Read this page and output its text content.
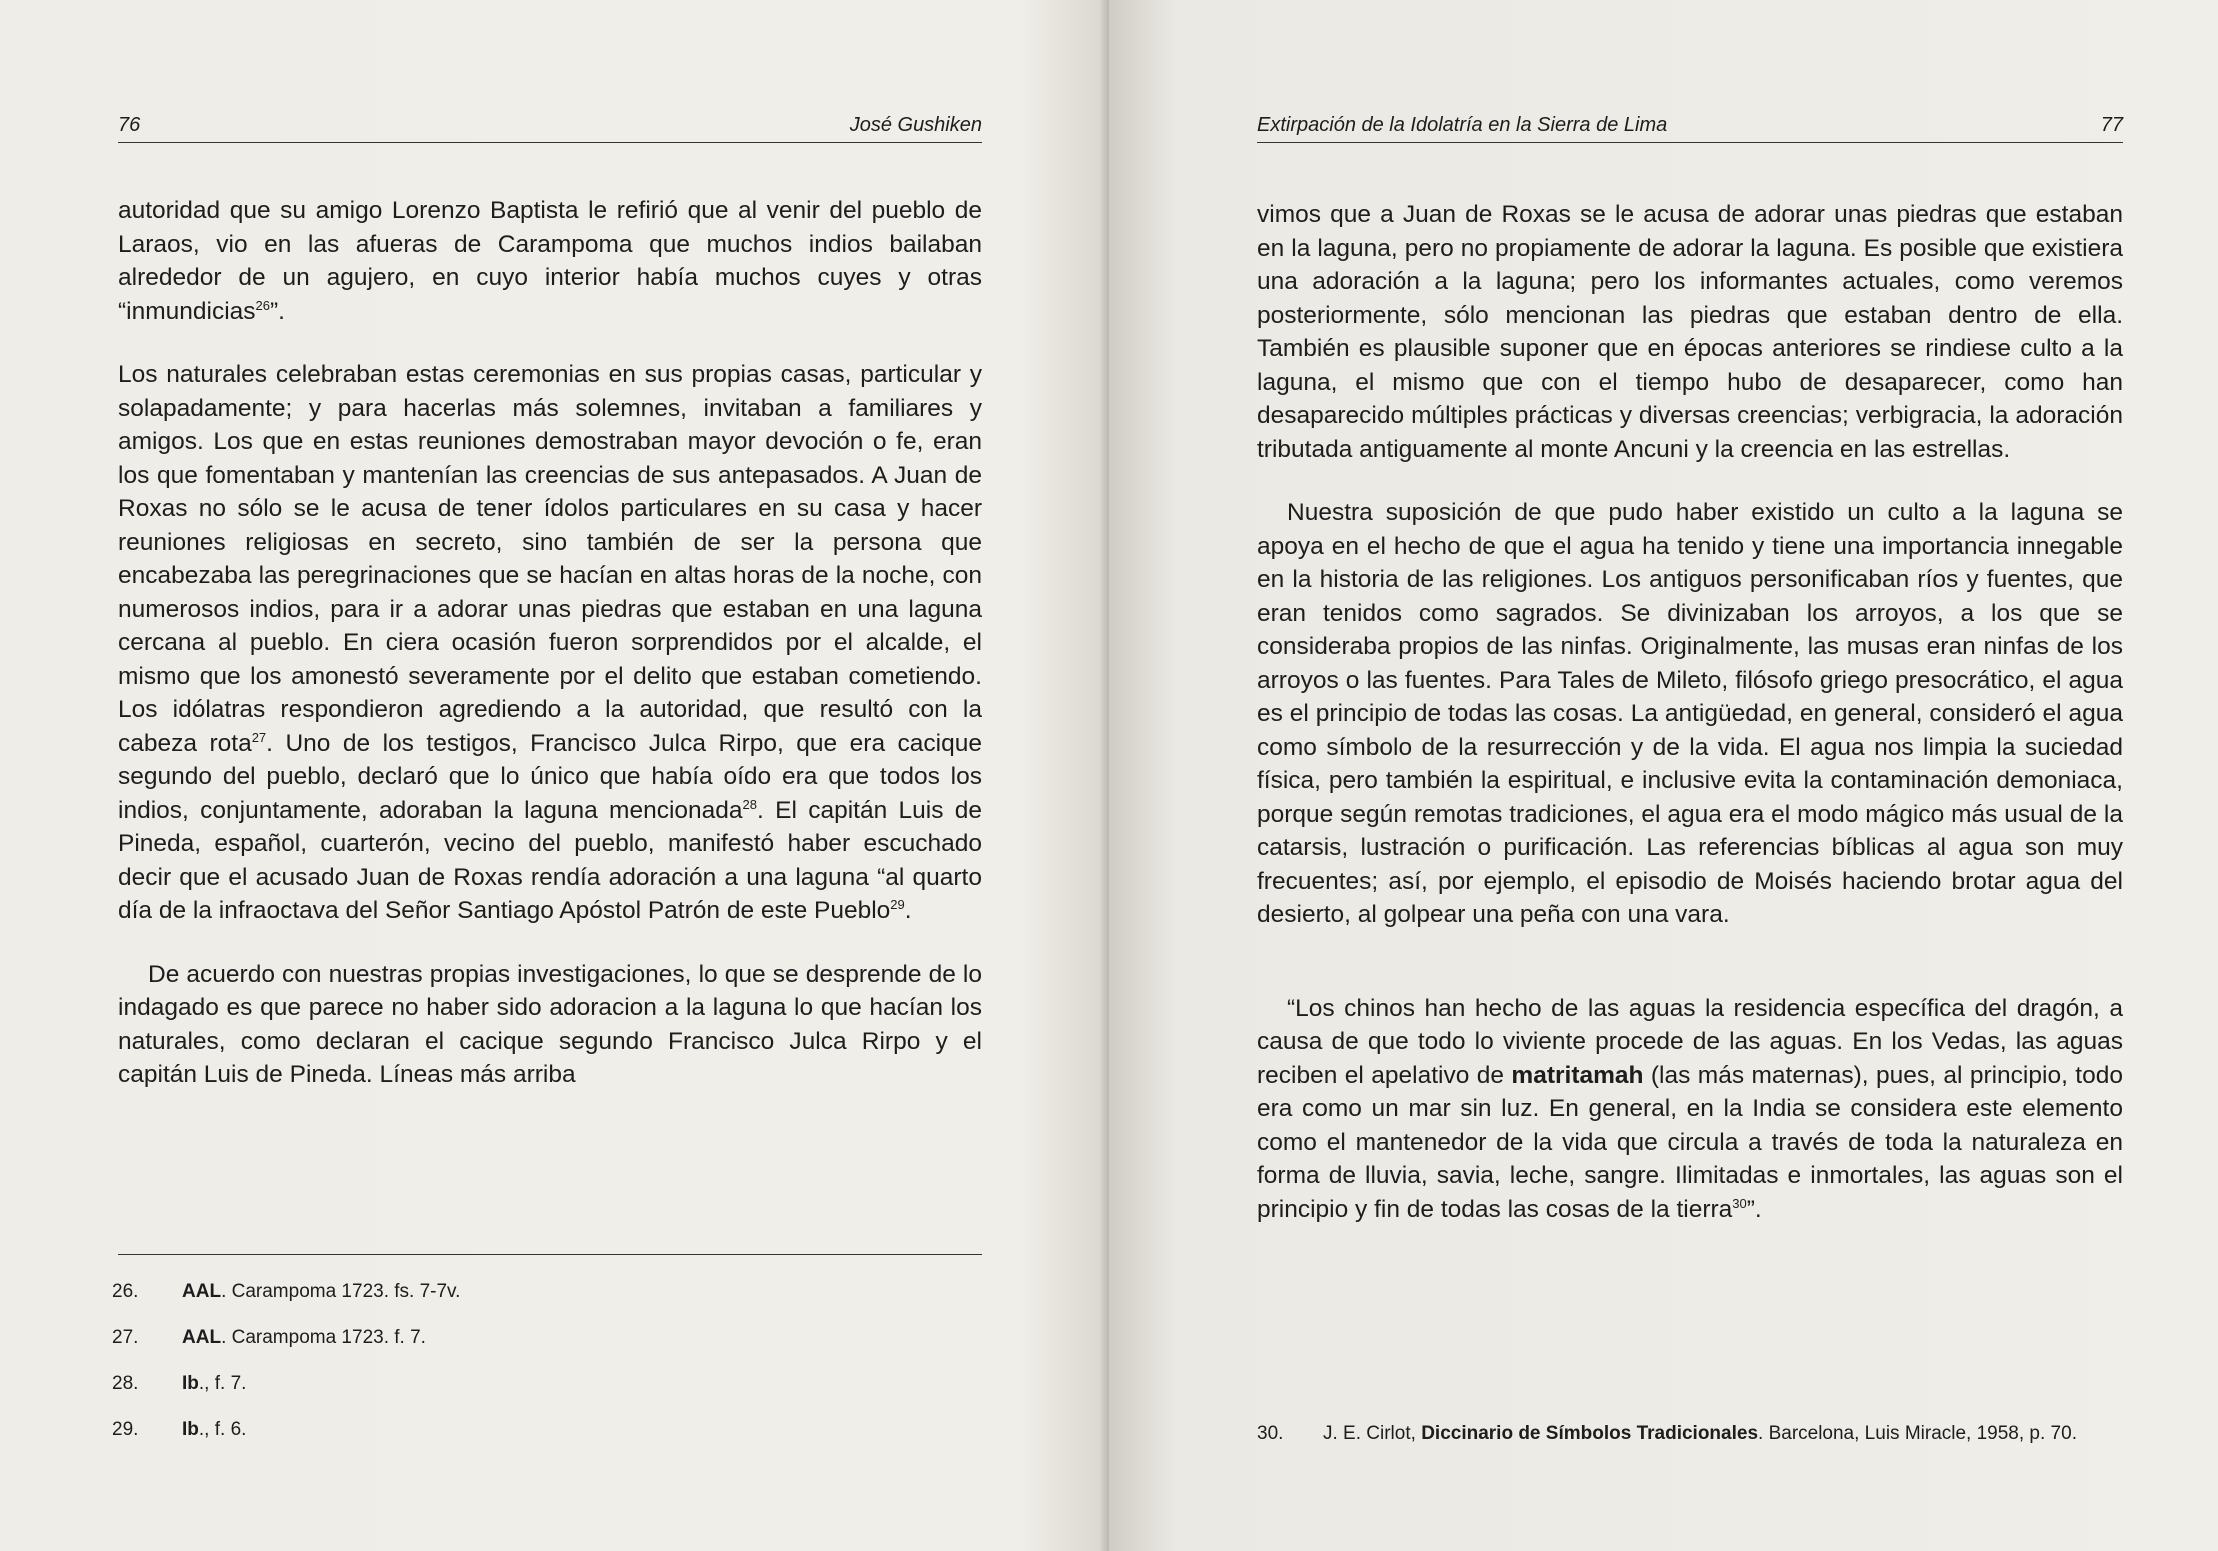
76	José Gushiken

autoridad que su amigo Lorenzo Baptista le refirió que al venir del pueblo de Laraos, vio en las afueras de Carampoma que muchos indios bailaban alrededor de un agujero, en cuyo interior había muchos cuyes y otras “inmundicias$^{26}$”.

Los naturales celebraban estas ceremonias en sus propias casas, particular y solapadamente; y para hacerlas más solemnes, invitaban a familiares y amigos. Los que en estas reuniones demostraban mayor devoción o fe, eran los que fomentaban y mantenían las creencias de sus antepasados. A Juan de Roxas no sólo se le acusa de tener ídolos particulares en su casa y hacer reuniones religiosas en secreto, sino también de ser la persona que encabezaba las peregrinaciones que se hacían en altas horas de la noche, con numerosos indios, para ir a adorar unas piedras que estaban en una laguna cercana al pueblo. En ciera ocasión fueron sorprendidos por el alcalde, el mismo que los amonestó severamente por el delito que estaban cometiendo. Los idólatras respondieron agrediendo a la autoridad, que resultó con la cabeza rota$^{27}$. Uno de los testigos, Francisco Julca Rirpo, que era cacique segundo del pueblo, declaró que lo único que había oído era que todos los indios, conjuntamente, adoraban la laguna mencionada$^{28}$. El capitán Luis de Pineda, español, cuarterón, vecino del pueblo, manifestó haber escuchado decir que el acusado Juan de Roxas rendía adoración a una laguna “al quarto día de la infraoctava del Señor Santiago Apóstol Patrón de este Pueblo$^{29}$.

De acuerdo con nuestras propias investigaciones, lo que se desprende de lo indagado es que parece no haber sido adoracion a la laguna lo que hacían los naturales, como declaran el cacique segundo Francisco Julca Rirpo y el capitán Luis de Pineda. Líneas más arriba

26.	AAL. Carampoma 1723. fs. 7-7v.
27.	AAL. Carampoma 1723. f. 7.
28.	Ib., f. 7.
29.	Ib., f. 6.
Extirpación de la Idolatría en la Sierra de Lima	77

vimos que a Juan de Roxas se le acusa de adorar unas piedras que estaban en la laguna, pero no propiamente de adorar la laguna. Es posible que existiera una adoración a la laguna; pero los informantes actuales, como veremos posteriormente, sólo mencionan las piedras que estaban dentro de ella. También es plausible suponer que en épocas anteriores se rindiese culto a la laguna, el mismo que con el tiempo hubo de desaparecer, como han desaparecido múltiples prácticas y diversas creencias; verbigracia, la adoración tributada antiguamente al monte Ancuni y la creencia en las estrellas.

Nuestra suposición de que pudo haber existido un culto a la laguna se apoya en el hecho de que el agua ha tenido y tiene una importancia innegable en la historia de las religiones. Los antiguos personificaban ríos y fuentes, que eran tenidos como sagrados. Se divinizaban los arroyos, a los que se consideraba propios de las ninfas. Originalmente, las musas eran ninfas de los arroyos o las fuentes. Para Tales de Mileto, filósofo griego presocrático, el agua es el principio de todas las cosas. La antigüedad, en general, consideró el agua como símbolo de la resurrección y de la vida. El agua nos limpia la suciedad física, pero también la espiritual, e inclusive evita la contaminación demoniaca, porque según remotas tradiciones, el agua era el modo mágico más usual de la catarsis, lustración o purificación. Las referencias bíblicas al agua son muy frecuentes; así, por ejemplo, el episodio de Moisés haciendo brotar agua del desierto, al golpear una peña con una vara.

“Los chinos han hecho de las aguas la residencia específica del dragón, a causa de que todo lo viviente procede de las aguas. En los Vedas, las aguas reciben el apelativo de matritamah (las más maternas), pues, al principio, todo era como un mar sin luz. En general, en la India se considera este elemento como el mantenedor de la vida que circula a través de toda la naturaleza en forma de lluvia, savia, leche, sangre. Ilimitadas e inmortales, las aguas son el principio y fin de todas las cosas de la tierra$^{30}$”.

30.	J. E. Cirlot, Diccinario de Símbolos Tradicionales. Barcelona, Luis Miracle, 1958, p. 70.
